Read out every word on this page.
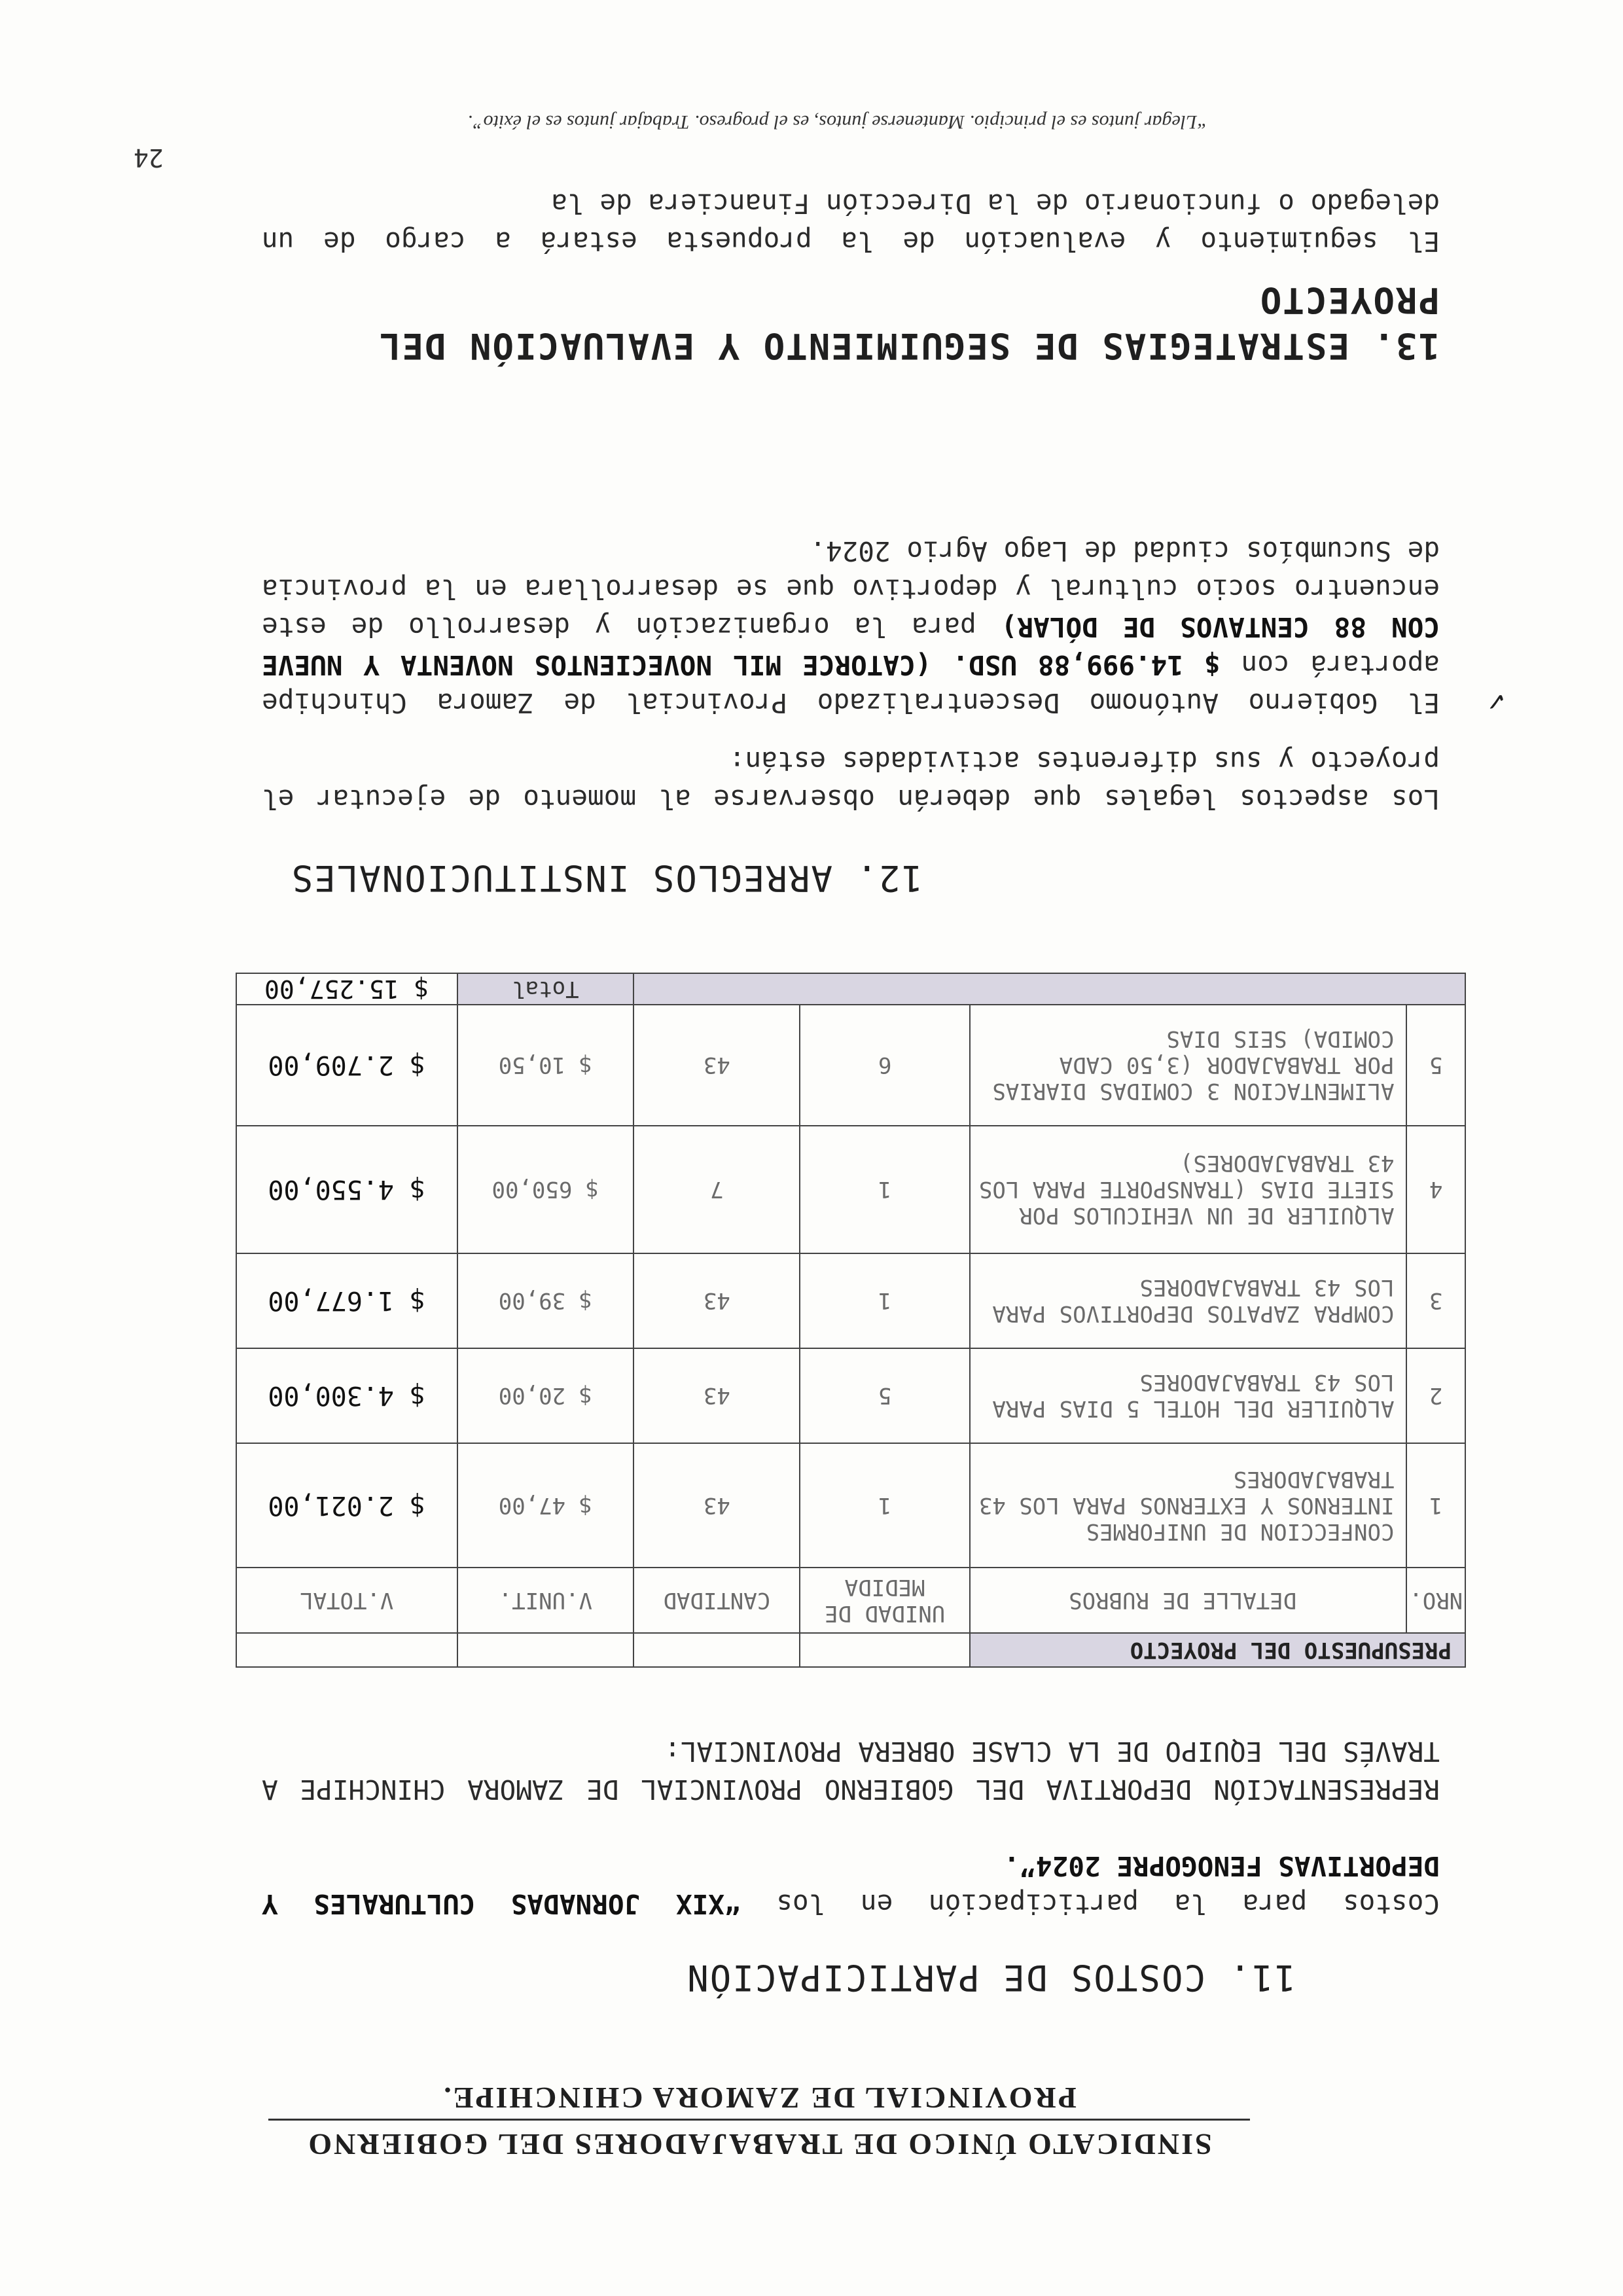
SINDICATO ÚNICO DE TRABAJADORES DEL GOBIERNO
PROVINCIAL DE ZAMORA CHINCHIPE.
11. COSTOS DE PARTICIPACIÓN

Costos para la participación en los “XIX JORNADAS CULTURALES Y DEPORTIVAS FENOGOPRE 2024”.

REPRESENTACIÓN DEPORTIVA DEL GOBIERNO PROVINCIAL DE ZAMORA CHINCHIPE A TRAVÉS DEL EQUIPO DE LA CLASE OBRERA PROVINCIAL:

PRESUPUESTO DEL PROYECTO					
NRO.	DETALLE DE RUBROS	UNIDAD DE MEDIDA	CANTIDAD	V.UNIT.	V.TOTAL
1	CONFECCION DE UNIFORMES INTERNOS Y EXTERNOS PARA LOS 43 TRABAJADORES	1	43	$ 47,00	$ 2.021,00
2	ALQUILER DEL HOTEL 5 DIAS PARA LOS 43 TRABAJADORES	5	43	$ 20,00	$ 4.300,00
3	COMPRA ZAPATOS DEPORTIVOS PARA LOS 43 TRABAJADORES	1	43	$ 39,00	$ 1.677,00
4	ALQUILER DE UN VEHICULOS POR SIETE DIAS (TRANSPORTE PARA LOS 43 TRABAJADORES)	1	7	$ 650,00	$ 4.550,00
5	ALIMENTACION 3 COMIDAS DIARIAS POR TRABAJADOR (3,50 CADA COMIDA) SEIS DIAS	6	43	$ 10,50	$ 2.709,00
				Total	$ 15.257,00
12. ARREGLOS INSTITUCIONALES

Los aspectos legales que deberán observarse al momento de ejecutar el proyecto y sus diferentes actividades están:

✓

El Gobierno Autónomo Descentralizado Provincial de Zamora Chinchipe aportará con $ 14.999,88 USD. (CATORCE MIL NOVECIENTOS NOVENTA Y NUEVE CON 88 CENTAVOS DE DÓLAR) para la organización y desarrollo de este encuentro socio cultural y deportivo que se desarrollara en la provincia de Sucumbíos ciudad de Lago Agrio 2024.

13. ESTRATEGIAS DE SEGUIMIENTO Y EVALUACIÓN DEL PROYECTO

El seguimiento y evaluación de la propuesta estará a cargo de un delegado o funcionario de la Dirección Financiera de la

24
“Llegar juntos es el principio. Mantenerse juntos, es el progreso. Trabajar juntos es el éxito”.
